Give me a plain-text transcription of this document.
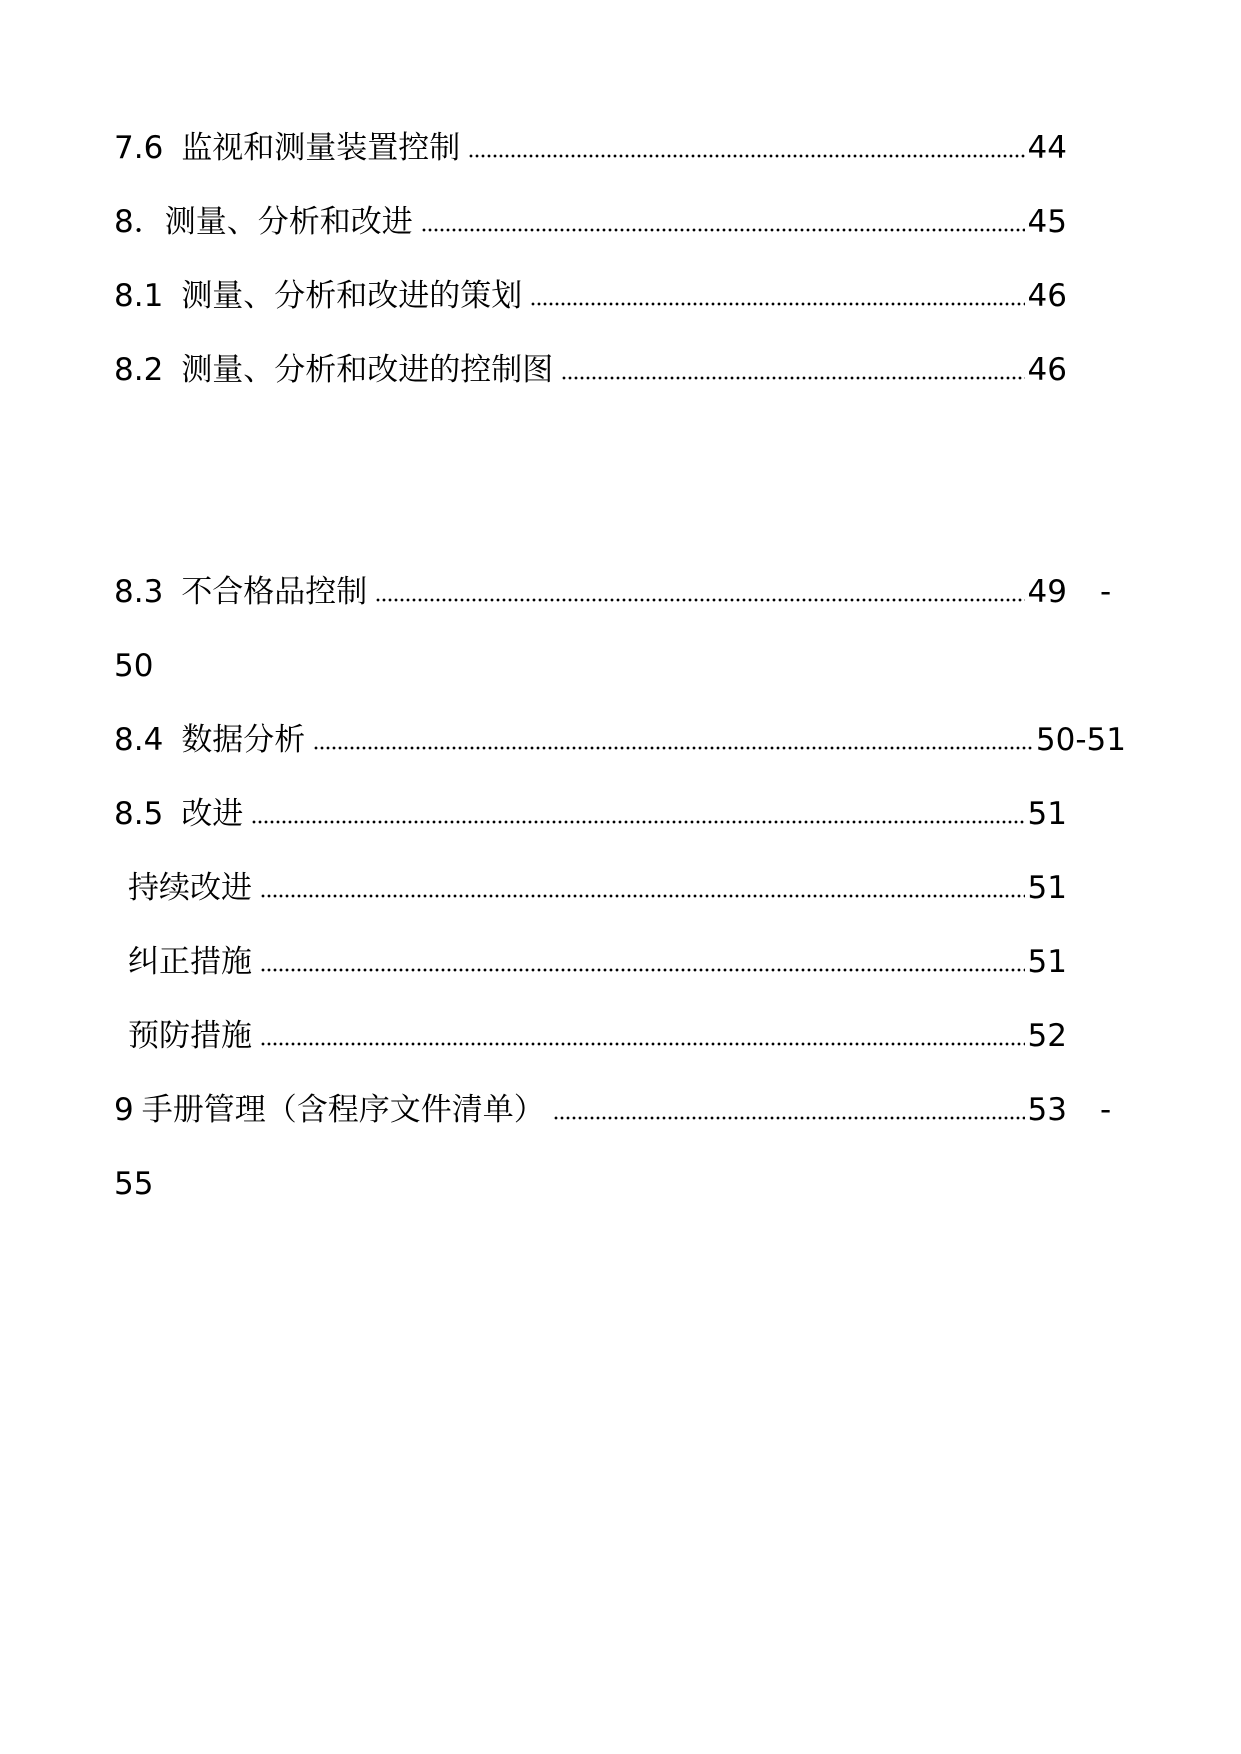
7.6 监视和测量装置控制	44
8 ．测量、分析和改进	45
8.1 测量、分析和改进的策划	46
8.2 测量、分析和改进的控制图	46
8.3 不合格品控制	49 -
50
8.4 数据分析	50-51
8.5 改进	51
持续改进	51
纠正措施	51
预防措施	52
9 手册管理（含程序文件清单）	53 -
55
